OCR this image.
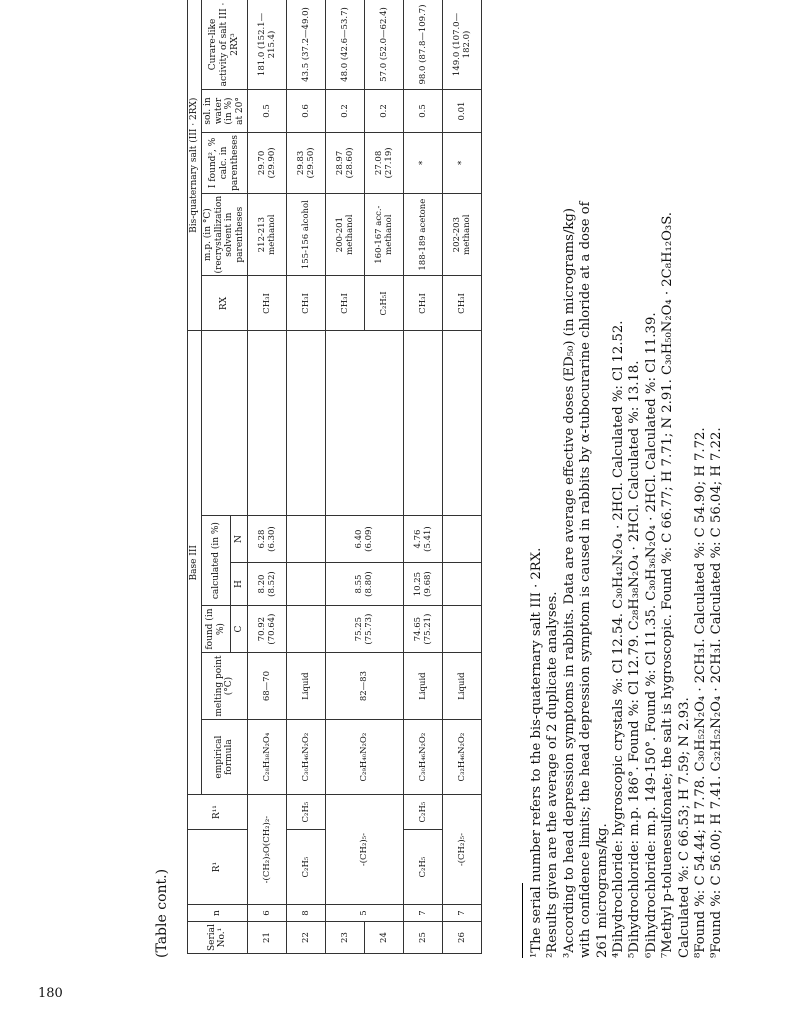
180
(Table cont.)	Serial No.¹	n	R¹	R¹¹	Base III						Bis-quaternary salt (III · 2RX)				
				empirical formula	melting point (°C)	found (in %)	calculated (in %)			RX	m.p. (in °C) (recrystallization solvent in parentheses	I found², % calc. in parentheses	sol. in water (in %) at 20°	Curare-like activity of salt III · 2RX³
						C	H	N						
21	6	-(CH₂)₂O(CH₂)₂-		C₂₈H₃₈N₂O₄	68—70	70.92 (70.64)	8.20 (8.52)	6.28 (6.30)		CH₃I	212-213 methanol	29.70 (29.90)	0.5	181.0 (152.1—215.4)
22	8	C₂H₅	C₂H₅	C₃₀H₄₆N₂O₂	Liquid					CH₃I	155-156 alcohol	29.83 (29.50)	0.6	43.5 (37.2—49.0)
23	5	-(CH₂)₅-		C₂₉H₄₀N₂O₂	82—83	75.25 (75.73)	8.55 (8.80)	6.40 (6.09)		CH₃I	200-201 methanol	28.97 (28.60)	0.2	48.0 (42.6—53.7)
24										C₂H₅I	160-167 acc.-methanol	27.08 (27.19)	0.2	57.0 (52.0—62.4)
25	7	C₂H₅	C₂H₅	C₃₀H₄₆N₂O₂	Liquid	74.65 (75.21)	10.25 (9.68)	4.76 (5.41)		CH₃I	188-189 acetone	*	0.5	98.0 (87.8—109.7)
26	7	-(CH₂)₅-		C₃₂H₄₆N₂O₂	Liquid					CH₃I	202-203 methanol	*	0.01	149.0 (107.0—182.0)

¹The serial number refers to the bis-quaternary salt III · 2RX. ²Results given are the average of 2 duplicate analyses. ³According to head depression symptoms in rabbits. Data are average effective doses (ED₅₀) (in micrograms/kg) with confidence limits; the head depression symptom is caused in rabbits by α-tubocurarine chloride at a dose of 261 micrograms/kg. ⁴Dihydrochloride: hygroscopic crystals %: Cl 12.54. C₃₀H₄₂N₂O₄ · 2HCl. Calculated %: Cl 12.52. ⁵Dihydrochloride: m.p. 186°. Found %: Cl 12.79. C₂₈H₃₈N₂O₄ · 2HCl. Calculated %: 13.18. ⁶Dihydrochloride: m.p. 149-150°. Found %: Cl 11.35. C₃₀H₃₆N₂O₄ · 2HCl. Calculated %: Cl 11.39. ⁷Methyl p-toluenesulfonate; the salt is hygroscopic. Found %: C 66.77; H 7.71; N 2.91. C₃₀H₅₀N₂O₄ · 2C₈H₁₂O₃S. Calculated %: C 66.53; H 7.59; N 2.93. ⁸Found %: C 54.44; H 7.78. C₃₀H₅₂N₂O₄ · 2CH₃I. Calculated %: C 54.90; H 7.72. ⁹Found %: C 56.00; H 7.41. C₃₂H₅₂N₂O₄ · 2CH₃I. Calculated %: C 56.04; H 7.22.
